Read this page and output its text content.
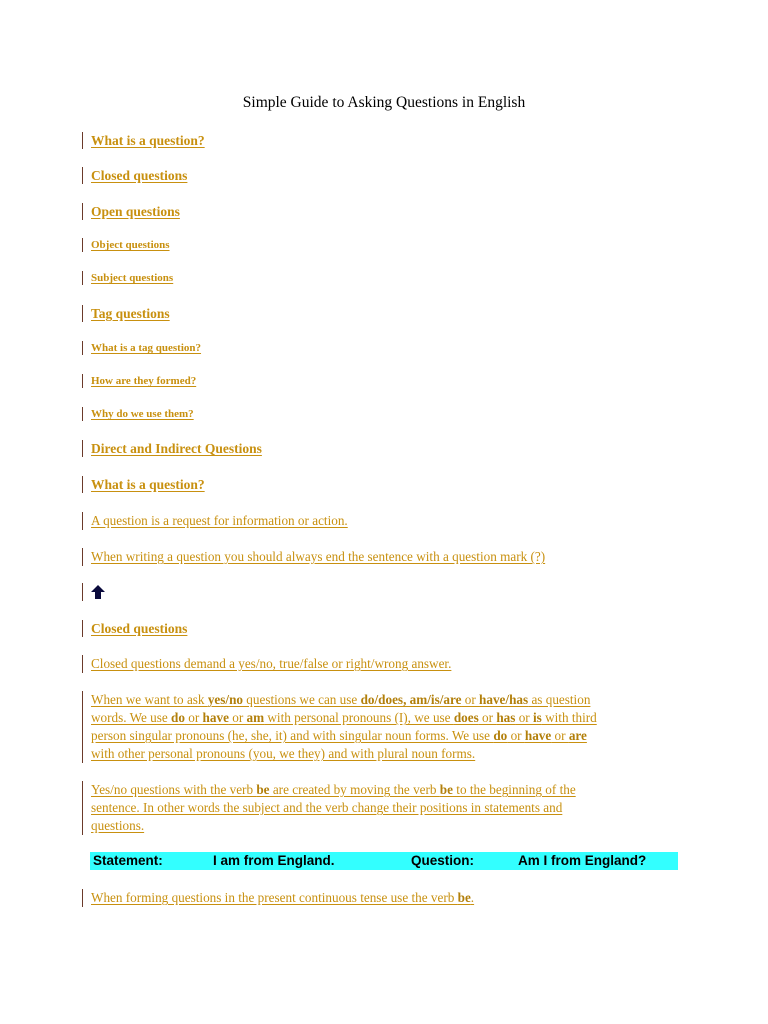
Simple Guide to Asking Questions in English
What is a question?
Closed questions
Open questions
Object questions
Subject questions
Tag questions
What is a tag question?
How are they formed?
Why do we use them?
Direct and Indirect Questions
What is a question?
A question is a request for information or action.
When writing a question you should always end the sentence with a question mark (?)
Closed questions
Closed questions demand a yes/no, true/false or right/wrong answer.
When we want to ask yes/no questions we can use do/does, am/is/are or have/has as question
words. We use do or have or am with personal pronouns (I), we use does or has or is with third
person singular pronouns (he, she, it) and with singular noun forms. We use do or have or are
with other personal pronouns (you, we they) and with plural noun forms.
Yes/no questions with the verb be are created by moving the verb be to the beginning of the
sentence. In other words the subject and the verb change their positions in statements and
questions.
Statement:	I am from England.	Question:	Am I from England?
When forming questions in the present continuous tense use the verb be.
